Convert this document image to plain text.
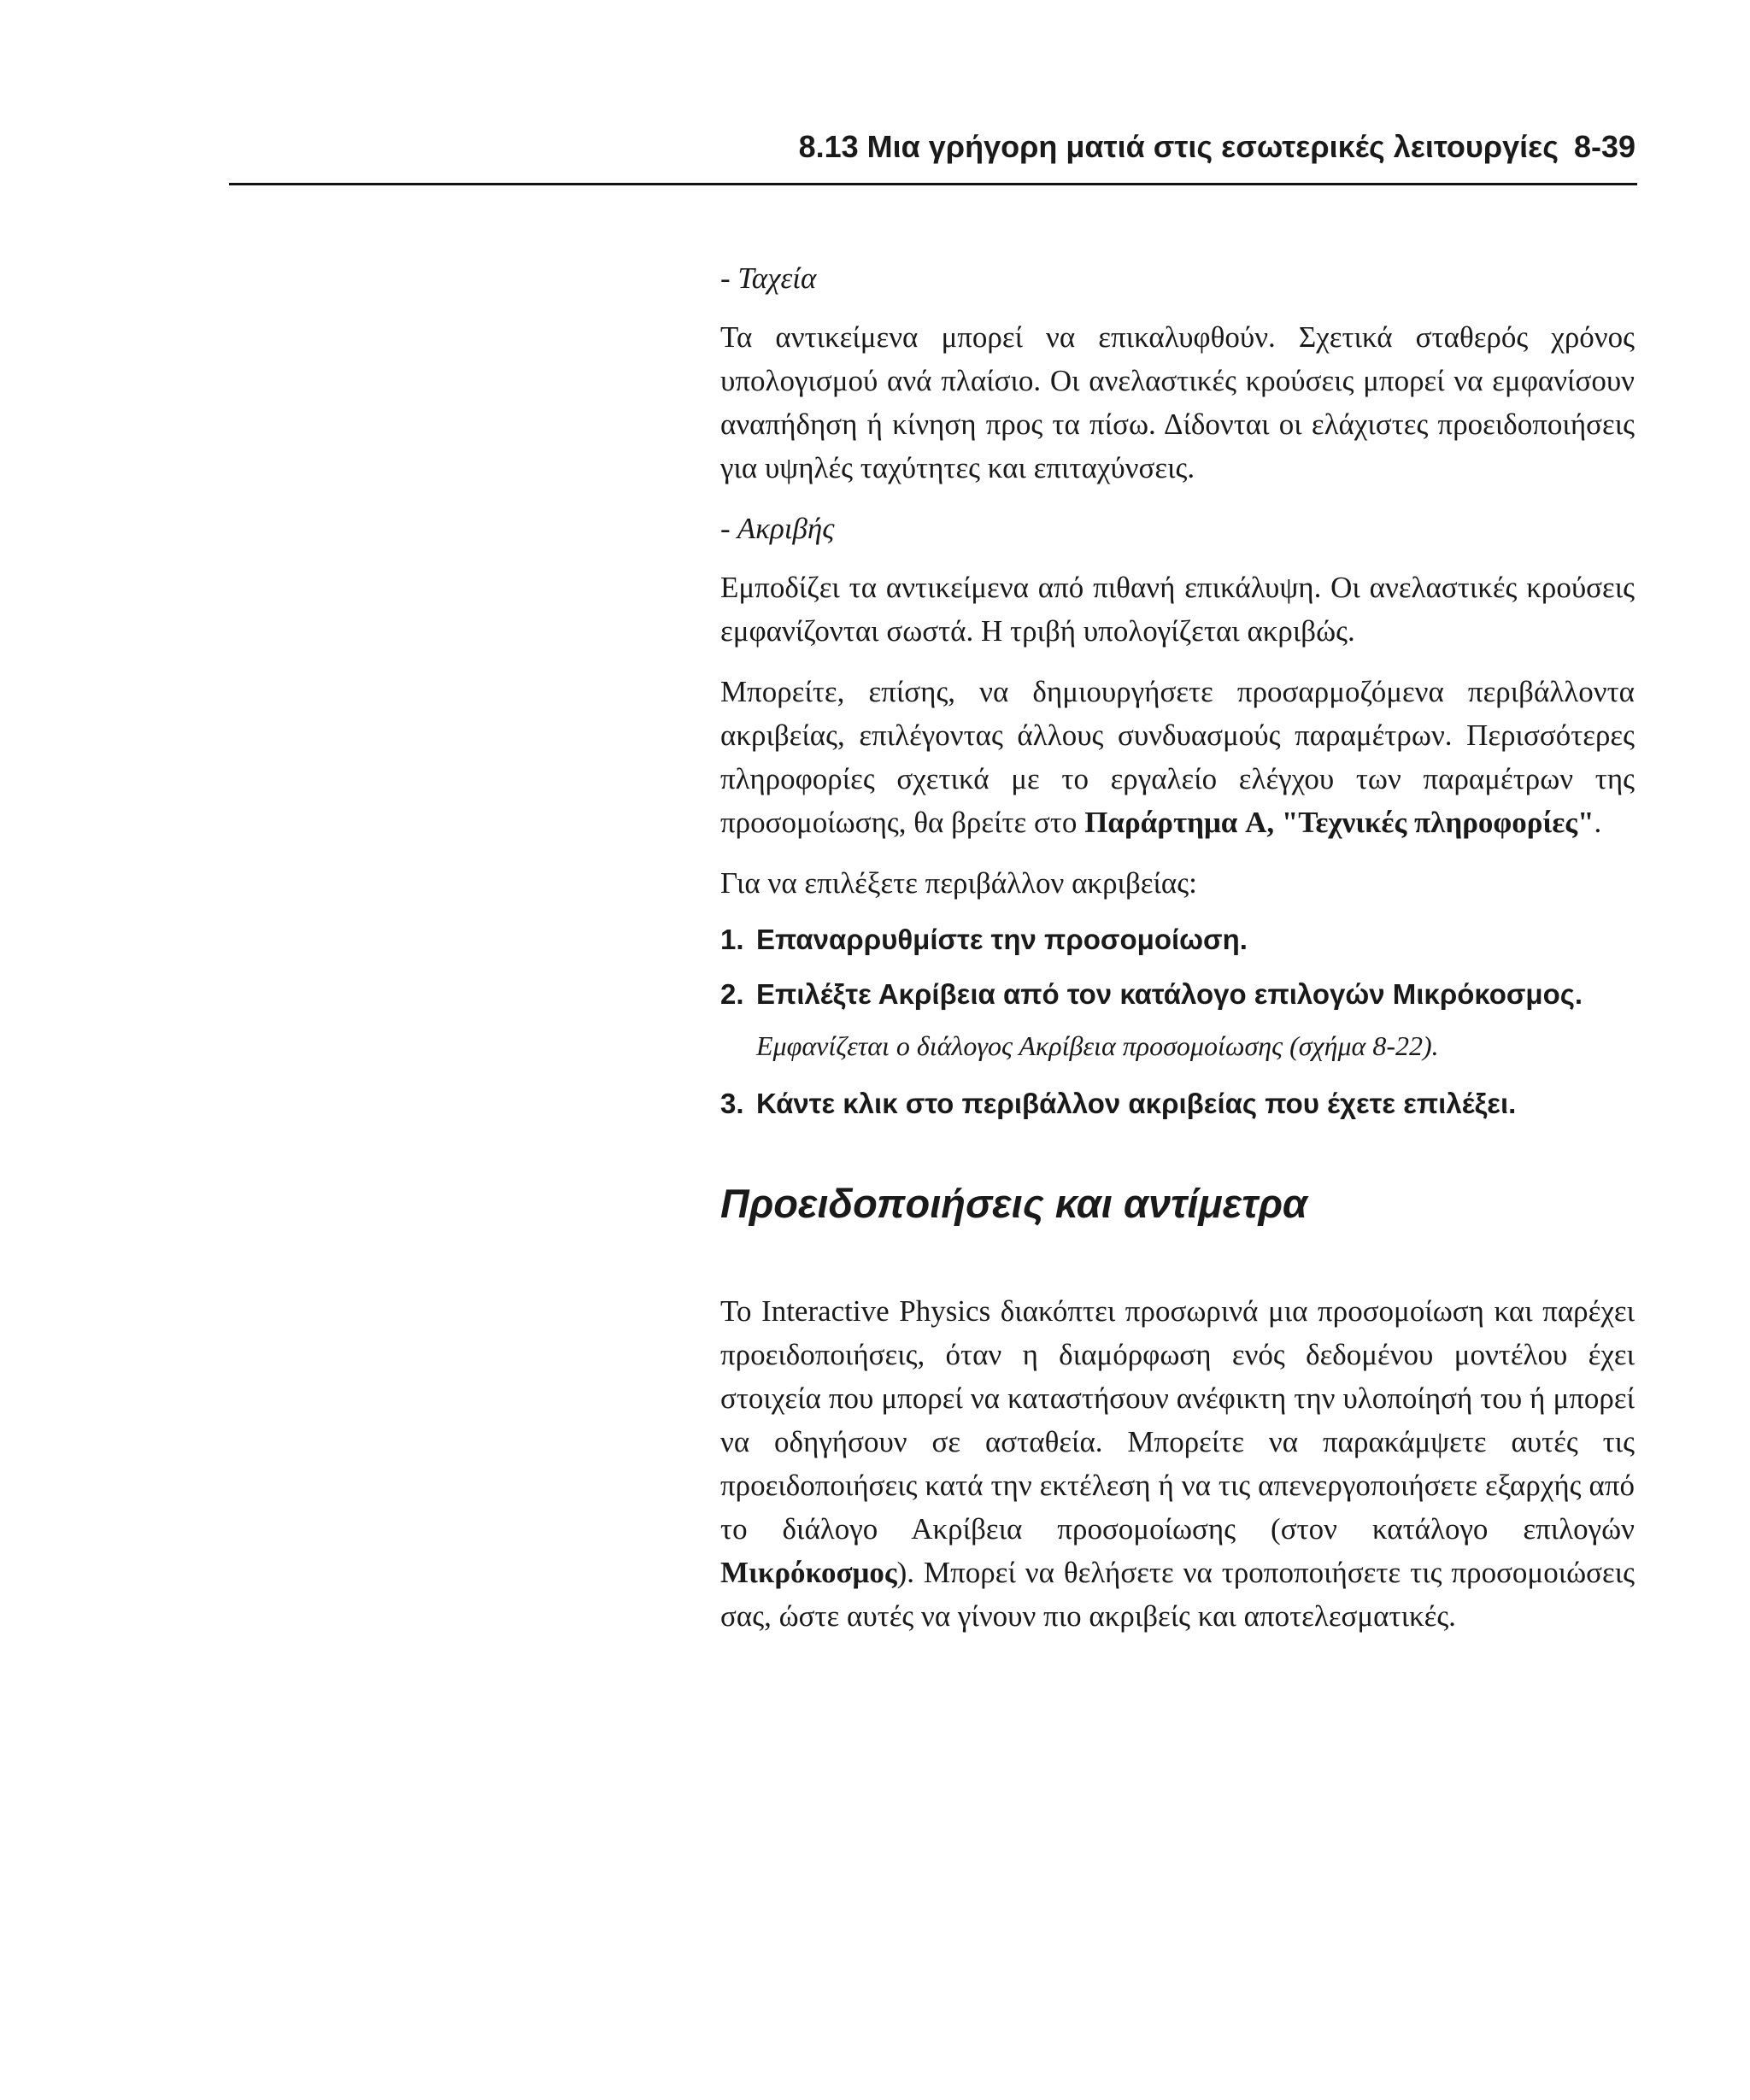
8.13 Μια γρήγορη ματιά στις εσωτερικές λειτουργίες 8-39
- Ταχεία
Τα αντικείμενα μπορεί να επικαλυφθούν. Σχετικά σταθερός χρόνος υπολογισμού ανά πλαίσιο. Οι ανελαστικές κρούσεις μπορεί να εμφανίσουν αναπήδηση ή κίνηση προς τα πίσω. Δίδονται οι ελάχιστες προειδοποιήσεις για υψηλές ταχύτητες και επιταχύνσεις.
- Ακριβής
Εμποδίζει τα αντικείμενα από πιθανή επικάλυψη. Οι ανελαστικές κρούσεις εμφανίζονται σωστά. Η τριβή υπολογίζεται ακριβώς.
Μπορείτε, επίσης, να δημιουργήσετε προσαρμοζόμενα περιβάλλοντα ακριβείας, επιλέγοντας άλλους συνδυασμούς παραμέτρων. Περισσότερες πληροφορίες σχετικά με το εργαλείο ελέγχου των παραμέτρων της προσομοίωσης, θα βρείτε στο Παράρτημα A, "Τεχνικές πληροφορίες".
Για να επιλέξετε περιβάλλον ακριβείας:
1. Επαναρρυθμίστε την προσομοίωση.
2. Επιλέξτε Ακρίβεια από τον κατάλογο επιλογών Μικρόκοσμος.
Εμφανίζεται ο διάλογος Ακρίβεια προσομοίωσης (σχήμα 8-22).
3. Κάντε κλικ στο περιβάλλον ακριβείας που έχετε επιλέξει.
Προειδοποιήσεις και αντίμετρα
Το Interactive Physics διακόπτει προσωρινά μια προσομοίωση και παρέχει προειδοποιήσεις, όταν η διαμόρφωση ενός δεδομένου μοντέλου έχει στοιχεία που μπορεί να καταστήσουν ανέφικτη την υλοποίησή του ή μπορεί να οδηγήσουν σε ασταθεία. Μπορείτε να παρακάμψετε αυτές τις προειδοποιήσεις κατά την εκτέλεση ή να τις απενεργοποιήσετε εξαρχής από το διάλογο Ακρίβεια προσομοίωσης (στον κατάλογο επιλογών Μικρόκοσμος). Μπορεί να θελήσετε να τροποποιήσετε τις προσομοιώσεις σας, ώστε αυτές να γίνουν πιο ακριβείς και αποτελεσματικές.
